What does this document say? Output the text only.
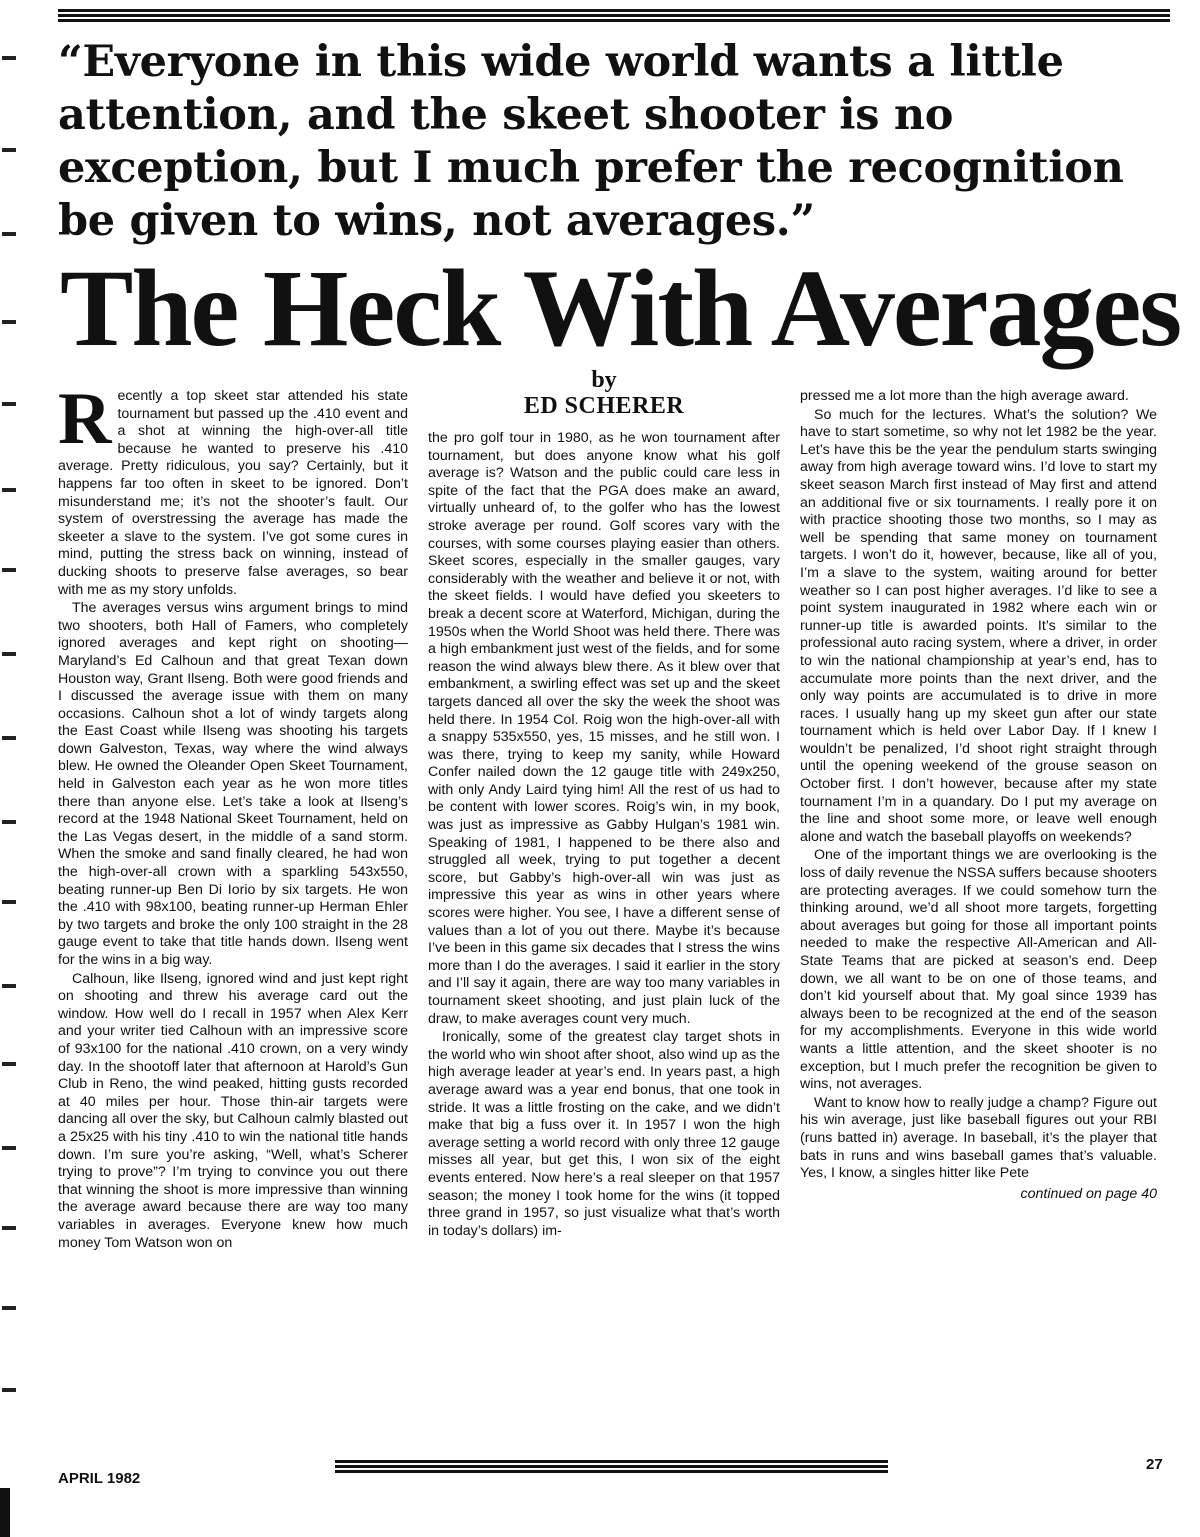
“Everyone in this wide world wants a little attention, and the skeet shooter is no exception, but I much prefer the recognition be given to wins, not averages.”

The Heck With Averages

Recently a top skeet star attended his state tournament but passed up the .410 event and a shot at winning the high-over-all title because he wanted to preserve his .410 average. Pretty ridiculous, you say? Certainly, but it happens far too often in skeet to be ignored. Don’t misunderstand me; it’s not the shooter’s fault. Our system of overstressing the average has made the skeeter a slave to the system. I’ve got some cures in mind, putting the stress back on winning, instead of ducking shoots to preserve false averages, so bear with me as my story unfolds.

The averages versus wins argument brings to mind two shooters, both Hall of Famers, who completely ignored averages and kept right on shooting—Maryland’s Ed Calhoun and that great Texan down Houston way, Grant Ilseng. Both were good friends and I discussed the average issue with them on many occasions. Calhoun shot a lot of windy targets along the East Coast while Ilseng was shooting his targets down Galveston, Texas, way where the wind always blew. He owned the Oleander Open Skeet Tournament, held in Galveston each year as he won more titles there than anyone else. Let’s take a look at Ilseng’s record at the 1948 National Skeet Tournament, held on the Las Vegas desert, in the middle of a sand storm. When the smoke and sand finally cleared, he had won the high-over-all crown with a sparkling 543x550, beating runner-up Ben Di Iorio by six targets. He won the .410 with 98x100, beating runner-up Herman Ehler by two targets and broke the only 100 straight in the 28 gauge event to take that title hands down. Ilseng went for the wins in a big way.

Calhoun, like Ilseng, ignored wind and just kept right on shooting and threw his average card out the window. How well do I recall in 1957 when Alex Kerr and your writer tied Calhoun with an impressive score of 93x100 for the national .410 crown, on a very windy day. In the shootoff later that afternoon at Harold’s Gun Club in Reno, the wind peaked, hitting gusts recorded at 40 miles per hour. Those thin-air targets were dancing all over the sky, but Calhoun calmly blasted out a 25x25 with his tiny .410 to win the national title hands down. I’m sure you’re asking, “Well, what’s Scherer trying to prove”? I’m trying to convince you out there that winning the shoot is more impressive than winning the average award because there are way too many variables in averages. Everyone knew how much money Tom Watson won on

by
ED SCHERER

the pro golf tour in 1980, as he won tournament after tournament, but does anyone know what his golf average is? Watson and the public could care less in spite of the fact that the PGA does make an award, virtually unheard of, to the golfer who has the lowest stroke average per round. Golf scores vary with the courses, with some courses playing easier than others. Skeet scores, especially in the smaller gauges, vary considerably with the weather and believe it or not, with the skeet fields. I would have defied you skeeters to break a decent score at Waterford, Michigan, during the 1950s when the World Shoot was held there. There was a high embankment just west of the fields, and for some reason the wind always blew there. As it blew over that embankment, a swirling effect was set up and the skeet targets danced all over the sky the week the shoot was held there. In 1954 Col. Roig won the high-over-all with a snappy 535x550, yes, 15 misses, and he still won. I was there, trying to keep my sanity, while Howard Confer nailed down the 12 gauge title with 249x250, with only Andy Laird tying him! All the rest of us had to be content with lower scores. Roig’s win, in my book, was just as impressive as Gabby Hulgan’s 1981 win. Speaking of 1981, I happened to be there also and struggled all week, trying to put together a decent score, but Gabby’s high-over-all win was just as impressive this year as wins in other years where scores were higher. You see, I have a different sense of values than a lot of you out there. Maybe it’s because I’ve been in this game six decades that I stress the wins more than I do the averages. I said it earlier in the story and I’ll say it again, there are way too many variables in tournament skeet shooting, and just plain luck of the draw, to make averages count very much.

Ironically, some of the greatest clay target shots in the world who win shoot after shoot, also wind up as the high average leader at year’s end. In years past, a high average award was a year end bonus, that one took in stride. It was a little frosting on the cake, and we didn’t make that big a fuss over it. In 1957 I won the high average setting a world record with only three 12 gauge misses all year, but get this, I won six of the eight events entered. Now here’s a real sleeper on that 1957 season; the money I took home for the wins (it topped three grand in 1957, so just visualize what that’s worth in today’s dollars) im-

pressed me a lot more than the high average award.

So much for the lectures. What’s the solution? We have to start sometime, so why not let 1982 be the year. Let’s have this be the year the pendulum starts swinging away from high average toward wins. I’d love to start my skeet season March first instead of May first and attend an additional five or six tournaments. I really pore it on with practice shooting those two months, so I may as well be spending that same money on tournament targets. I won’t do it, however, because, like all of you, I’m a slave to the system, waiting around for better weather so I can post higher averages. I’d like to see a point system inaugurated in 1982 where each win or runner-up title is awarded points. It’s similar to the professional auto racing system, where a driver, in order to win the national championship at year’s end, has to accumulate more points than the next driver, and the only way points are accumulated is to drive in more races. I usually hang up my skeet gun after our state tournament which is held over Labor Day. If I knew I wouldn’t be penalized, I’d shoot right straight through until the opening weekend of the grouse season on October first. I don’t however, because after my state tournament I’m in a quandary. Do I put my average on the line and shoot some more, or leave well enough alone and watch the baseball playoffs on weekends?

One of the important things we are overlooking is the loss of daily revenue the NSSA suffers because shooters are protecting averages. If we could somehow turn the thinking around, we’d all shoot more targets, forgetting about averages but going for those all important points needed to make the respective All-American and All-State Teams that are picked at season’s end. Deep down, we all want to be on one of those teams, and don’t kid yourself about that. My goal since 1939 has always been to be recognized at the end of the season for my accomplishments. Everyone in this wide world wants a little attention, and the skeet shooter is no exception, but I much prefer the recognition be given to wins, not averages.

Want to know how to really judge a champ? Figure out his win average, just like baseball figures out your RBI (runs batted in) average. In baseball, it’s the player that bats in runs and wins baseball games that’s valuable. Yes, I know, a singles hitter like Pete

continued on page 40
APRIL 1982
27
